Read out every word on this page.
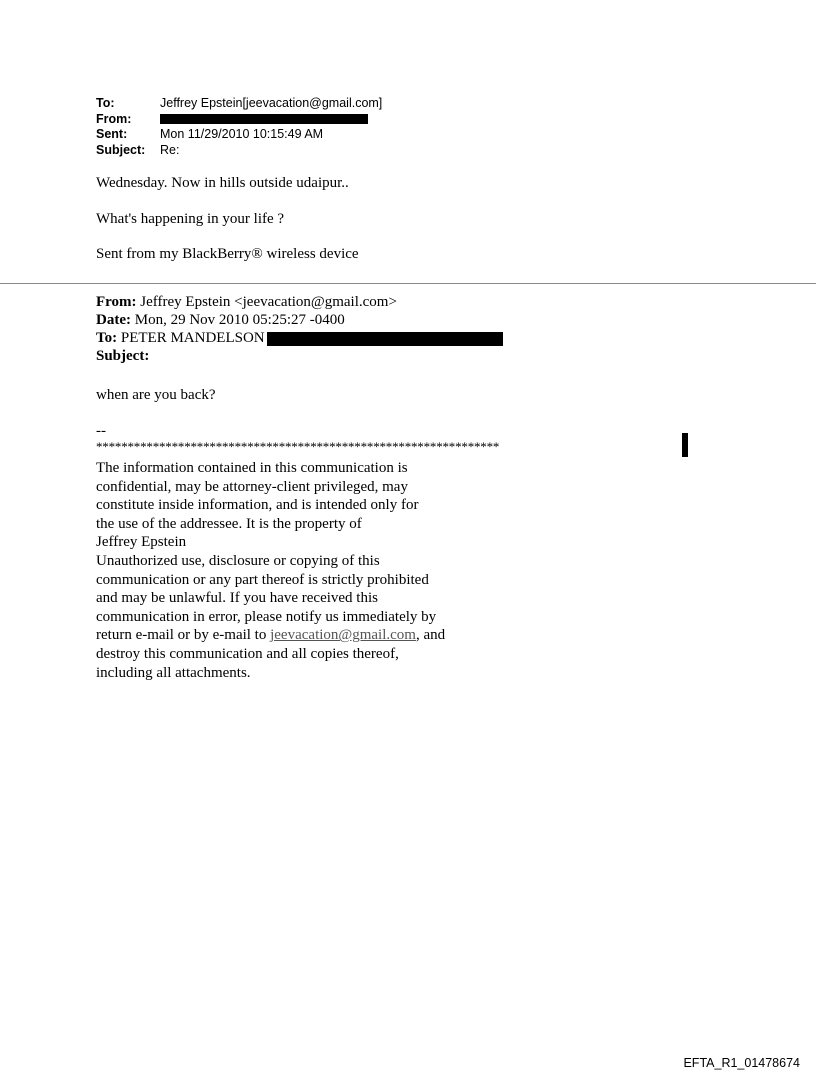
To:	Jeffrey Epstein[jeevacation@gmail.com]
From:
Sent:	Mon 11/29/2010 10:15:49 AM
Subject:	Re:
Wednesday. Now in hills outside udaipur..
What's happening in your life ?
Sent from my BlackBerry® wireless device
From: Jeffrey Epstein <jeevacation@gmail.com>
Date: Mon, 29 Nov 2010 05:25:27 -0400
To: PETER MANDELSON
Subject:
when are you back?
--
****************************************************************
The information contained in this communication is
confidential, may be attorney-client privileged, may
constitute inside information, and is intended only for
the use of the addressee. It is the property of
Jeffrey Epstein
Unauthorized use, disclosure or copying of this
communication or any part thereof is strictly prohibited
and may be unlawful. If you have received this
communication in error, please notify us immediately by
return e-mail or by e-mail to jeevacation@gmail.com, and
destroy this communication and all copies thereof,
including all attachments.
EFTA_R1_01478674
